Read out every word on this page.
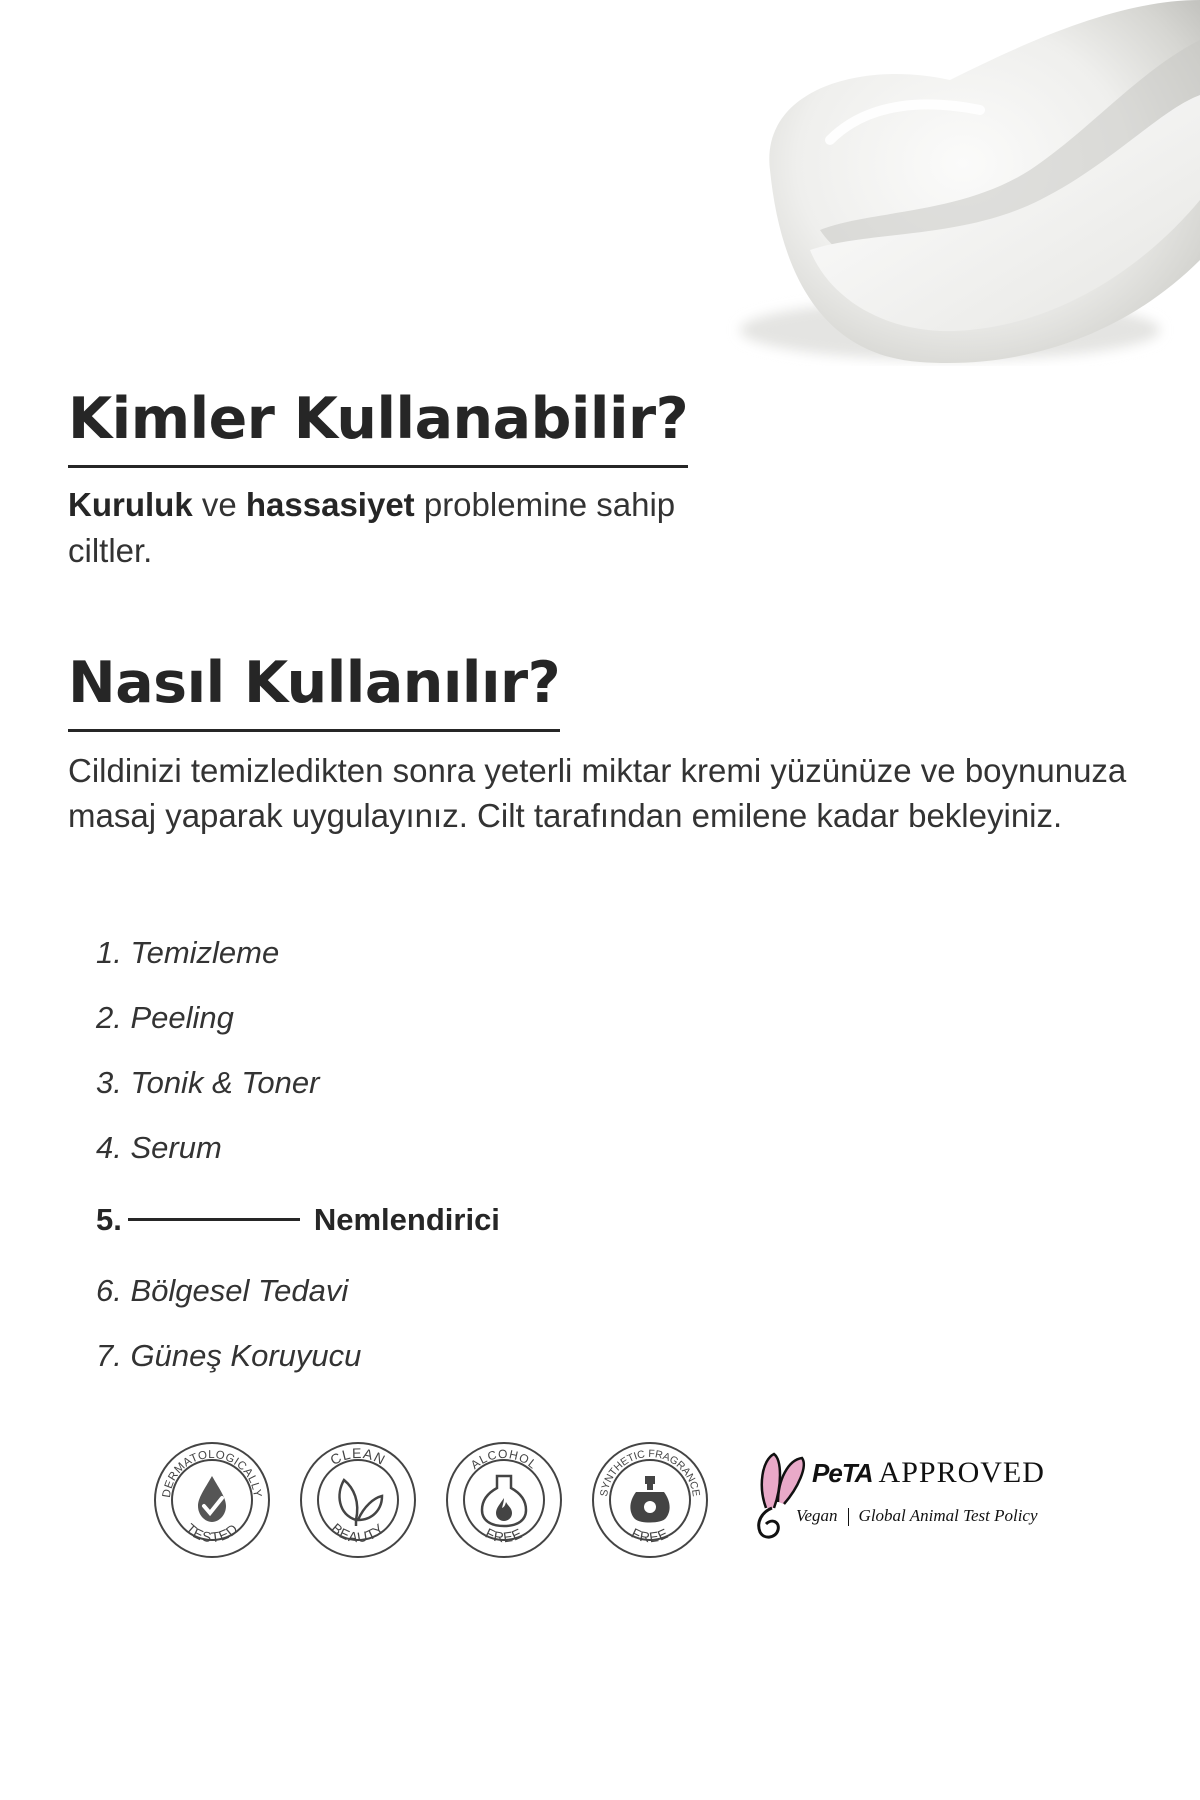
Kimler Kullanabilir?

Kuruluk ve hassasiyet problemine sahip ciltler.

Nasıl Kullanılır?

Cildinizi temizledikten sonra yeterli miktar kremi yüzünüze ve boynunuza masaj yaparak uygulayınız. Cilt tarafından emilene kadar bekleyiniz.

1. Temizleme
2. Peeling
3. Tonik & Toner
4. Serum
5.	Nemlendirici
6. Bölgesel Tedavi
7. Güneş Koruyucu
DERMATOLOGICALLY
TESTED
CLEAN
BEAUTY
ALCOHOL
FREE
SYNTHETIC FRAGRANCE
FREE
PeTA APPROVED
Vegan Global Animal Test Policy
